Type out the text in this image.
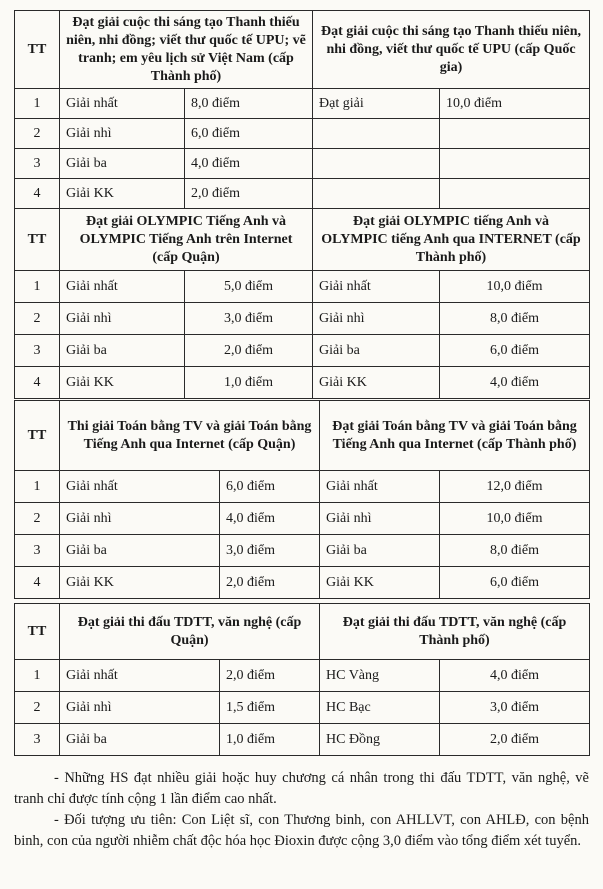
TT	Đạt giải cuộc thi sáng tạo Thanh thiếu niên, nhi đồng; viết thư quốc tế UPU; vẽ tranh; em yêu lịch sử Việt Nam (cấp Thành phố)		Đạt giải cuộc thi sáng tạo Thanh thiếu niên, nhi đồng, viết thư quốc tế UPU (cấp Quốc gia)	
1	Giải nhất	8,0 điểm	Đạt giải	10,0 điểm
2	Giải nhì	6,0 điểm		
3	Giải ba	4,0 điểm		
4	Giải KK	2,0 điểm		
TT	Đạt giải OLYMPIC Tiếng Anh và OLYMPIC Tiếng Anh trên Internet (cấp Quận)		Đạt giải OLYMPIC tiếng Anh và OLYMPIC tiếng Anh qua INTERNET (cấp Thành phố)	
1	Giải nhất	5,0 điểm	Giải nhất	10,0 điểm
2	Giải nhì	3,0 điểm	Giải nhì	8,0 điểm
3	Giải ba	2,0 điểm	Giải ba	6,0 điểm
4	Giải KK	1,0 điểm	Giải KK	4,0 điểm
TT	Thi giải Toán bằng TV và giải Toán bằng Tiếng Anh qua Internet (cấp Quận)		Đạt giải Toán bằng TV và giải Toán bằng Tiếng Anh qua Internet (cấp Thành phố)	
1	Giải nhất	6,0 điểm	Giải nhất	12,0 điểm
2	Giải nhì	4,0 điểm	Giải nhì	10,0 điểm
3	Giải ba	3,0 điểm	Giải ba	8,0 điểm
4	Giải KK	2,0 điểm	Giải KK	6,0 điểm
TT	Đạt giải thi đấu TDTT, văn nghệ (cấp Quận)		Đạt giải thi đấu TDTT, văn nghệ (cấp Thành phố)	
1	Giải nhất	2,0 điểm	HC Vàng	4,0 điểm
2	Giải nhì	1,5 điểm	HC Bạc	3,0 điểm
3	Giải ba	1,0 điểm	HC Đồng	2,0 điểm

- Những HS đạt nhiều giải hoặc huy chương cá nhân trong thi đấu TDTT, văn nghệ, vẽ tranh chỉ được tính cộng 1 lần điểm cao nhất.

- Đối tượng ưu tiên: Con Liệt sĩ, con Thương binh, con AHLLVT, con AHLĐ, con bệnh binh, con của người nhiễm chất độc hóa học Đioxin được cộng 3,0 điểm vào tổng điểm xét tuyển.
